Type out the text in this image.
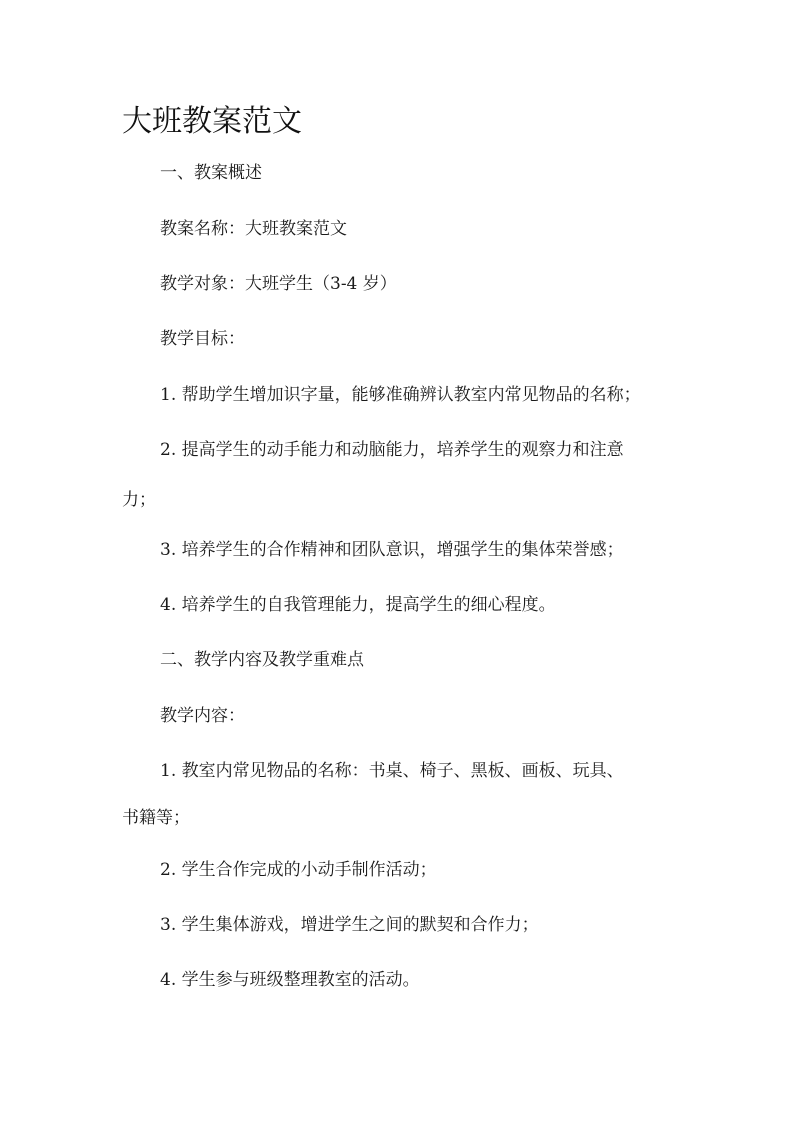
大班教案范文

一、教案概述

教案名称：大班教案范文

教学对象：大班学生（3-4 岁）

教学目标：

1. 帮助学生增加识字量，能够准确辨认教室内常见物品的名称；

2. 提高学生的动手能力和动脑能力，培养学生的观察力和注意

力；

3. 培养学生的合作精神和团队意识，增强学生的集体荣誉感；

4. 培养学生的自我管理能力，提高学生的细心程度。

二、教学内容及教学重难点

教学内容：

1. 教室内常见物品的名称：书桌、椅子、黑板、画板、玩具、

书籍等；

2. 学生合作完成的小动手制作活动；

3. 学生集体游戏，增进学生之间的默契和合作力；

4. 学生参与班级整理教室的活动。
